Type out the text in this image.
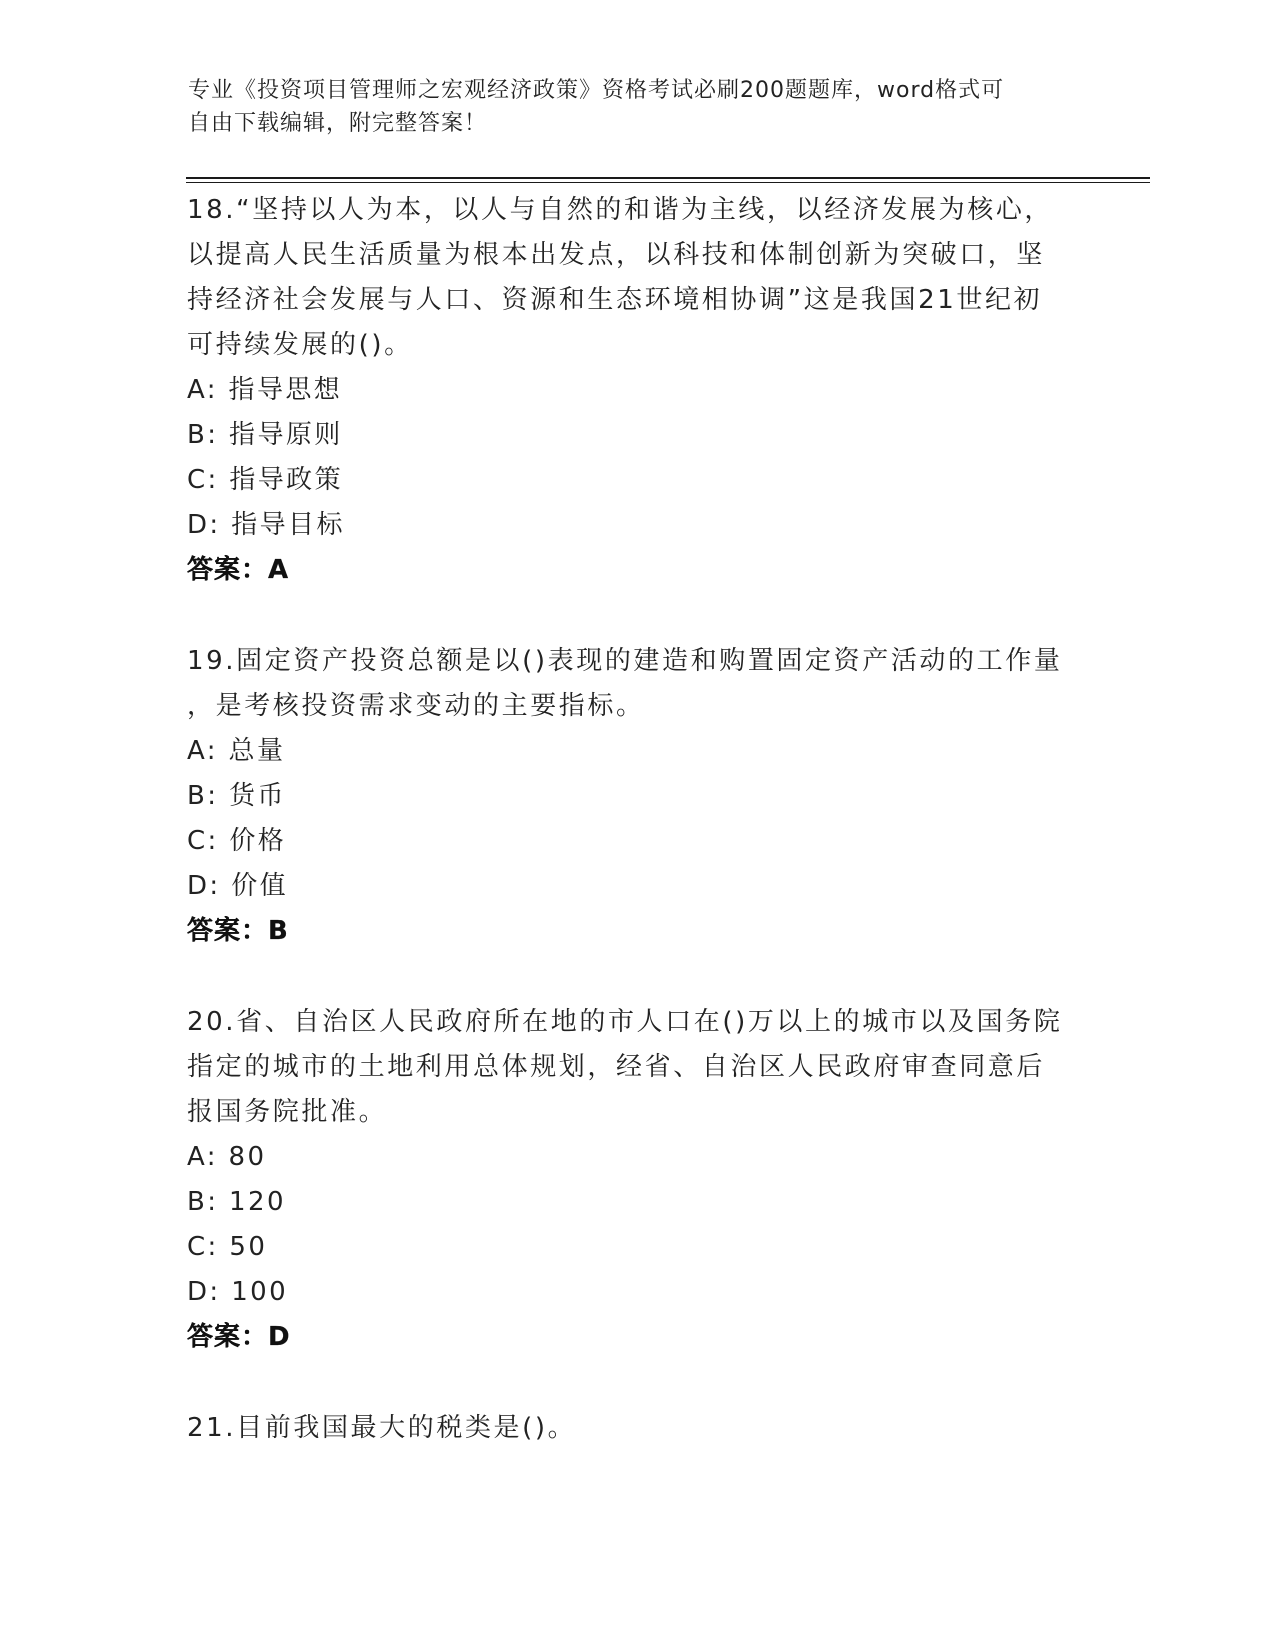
专业《投资项目管理师之宏观经济政策》资格考试必刷200题题库，word格式可
自由下载编辑，附完整答案！
18.“坚持以人为本，以人与自然的和谐为主线，以经济发展为核心，
以提高人民生活质量为根本出发点，以科技和体制创新为突破口，坚
持经济社会发展与人口、资源和生态环境相协调”这是我国21世纪初
可持续发展的()。
A: 指导思想
B: 指导原则
C: 指导政策
D: 指导目标
答案：A
19.固定资产投资总额是以()表现的建造和购置固定资产活动的工作量
，是考核投资需求变动的主要指标。
A: 总量
B: 货币
C: 价格
D: 价值
答案：B
20.省、自治区人民政府所在地的市人口在()万以上的城市以及国务院
指定的城市的土地利用总体规划，经省、自治区人民政府审查同意后
报国务院批准。
A: 80
B: 120
C: 50
D: 100
答案：D
21.目前我国最大的税类是()。
